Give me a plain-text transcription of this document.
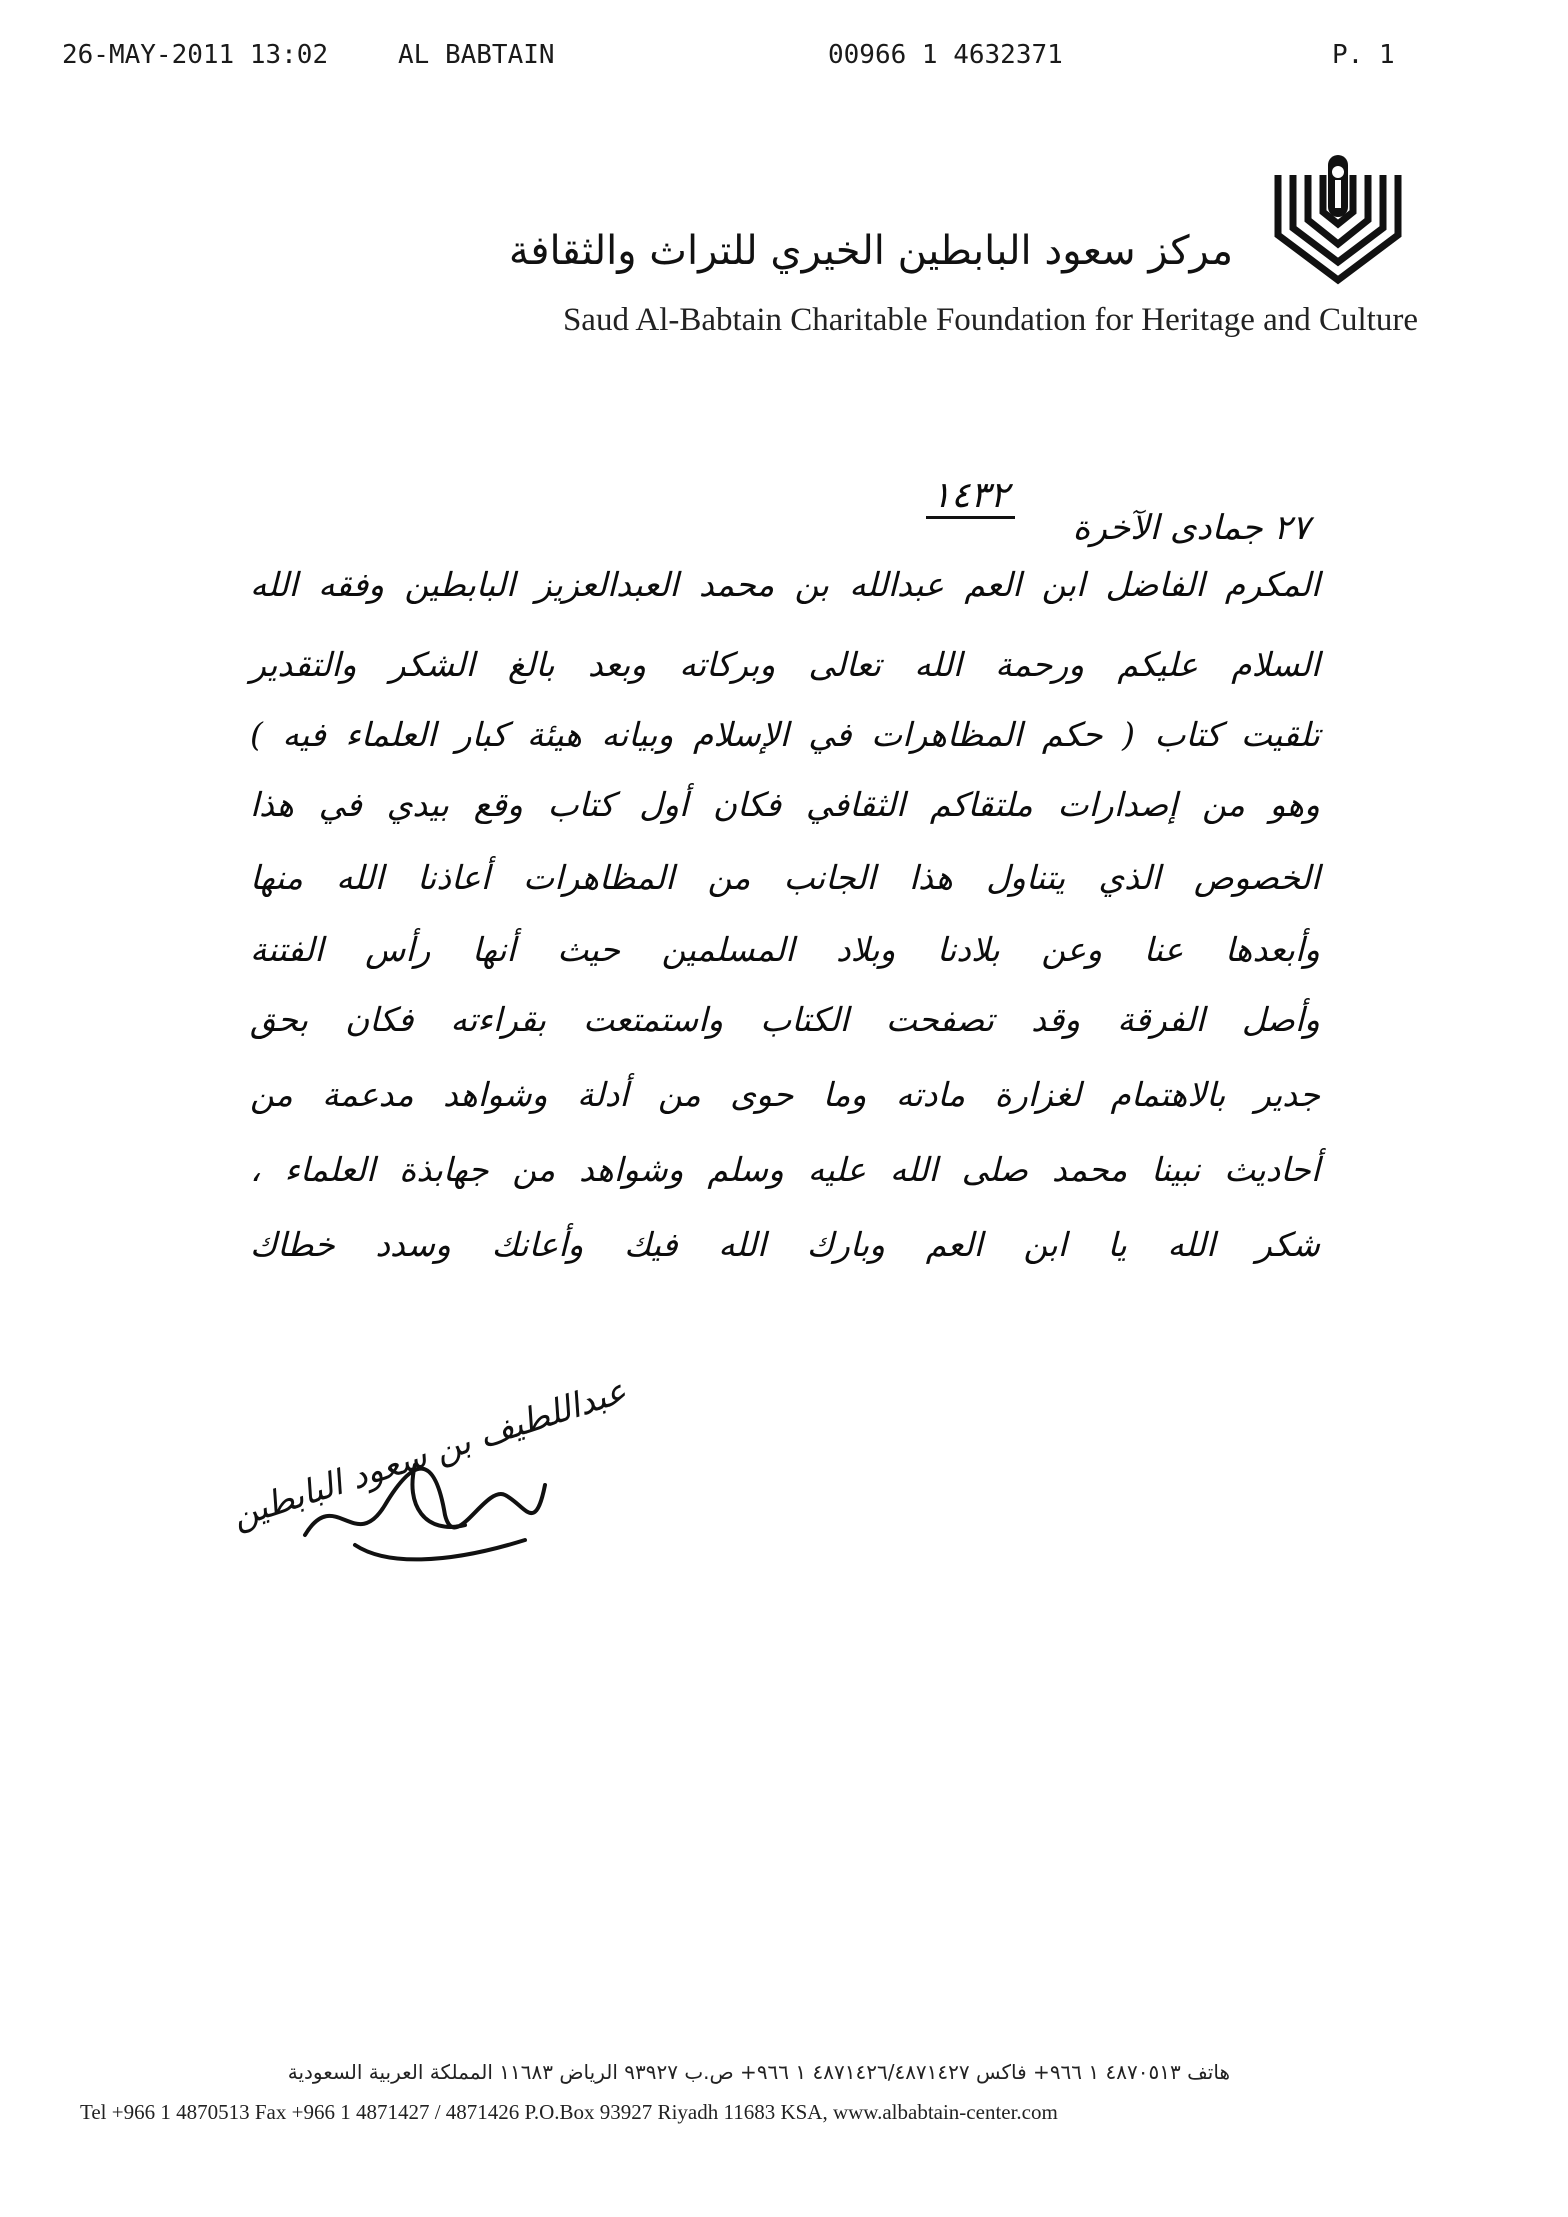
26-MAY-2011 13:02	AL BABTAIN	00966 1 4632371	P. 1
مركز سعود البابطين الخيري للتراث والثقافة
Saud Al-Babtain Charitable Foundation for Heritage and Culture
٢٧ جمادى الآخرة
١٤٣٢
المكرم الفاضل ابن العم عبدالله بن محمد العبدالعزيز البابطين وفقه الله
السلام عليكم ورحمة الله تعالى وبركاته وبعد بالغ الشكر والتقدير
تلقيت كتاب ( حكم المظاهرات في الإسلام وبيانه هيئة كبار العلماء فيه )
وهو من إصدارات ملتقاكم الثقافي فكان أول كتاب وقع بيدي في هذا
الخصوص الذي يتناول هذا الجانب من المظاهرات أعاذنا الله منها
وأبعدها عنا وعن بلادنا وبلاد المسلمين حيث أنها رأس الفتنة
وأصل الفرقة وقد تصفحت الكتاب واستمتعت بقراءته فكان بحق
جدير بالاهتمام لغزارة مادته وما حوى من أدلة وشواهد مدعمة من
أحاديث نبينا محمد صلى الله عليه وسلم وشواهد من جهابذة العلماء ،
شكر الله يا ابن العم وبارك الله فيك وأعانك وسدد خطاك
عبداللطيف بن سعود البابطين
هاتف ٤٨٧٠٥١٣ ١ ٩٦٦+ فاكس ٤٨٧١٤٢٦/٤٨٧١٤٢٧ ١ ٩٦٦+ ص.ب ٩٣٩٢٧ الرياض ١١٦٨٣ المملكة العربية السعودية
Tel +966 1 4870513 Fax +966 1 4871427 / 4871426 P.O.Box 93927 Riyadh 11683 KSA, www.albabtain-center.com
